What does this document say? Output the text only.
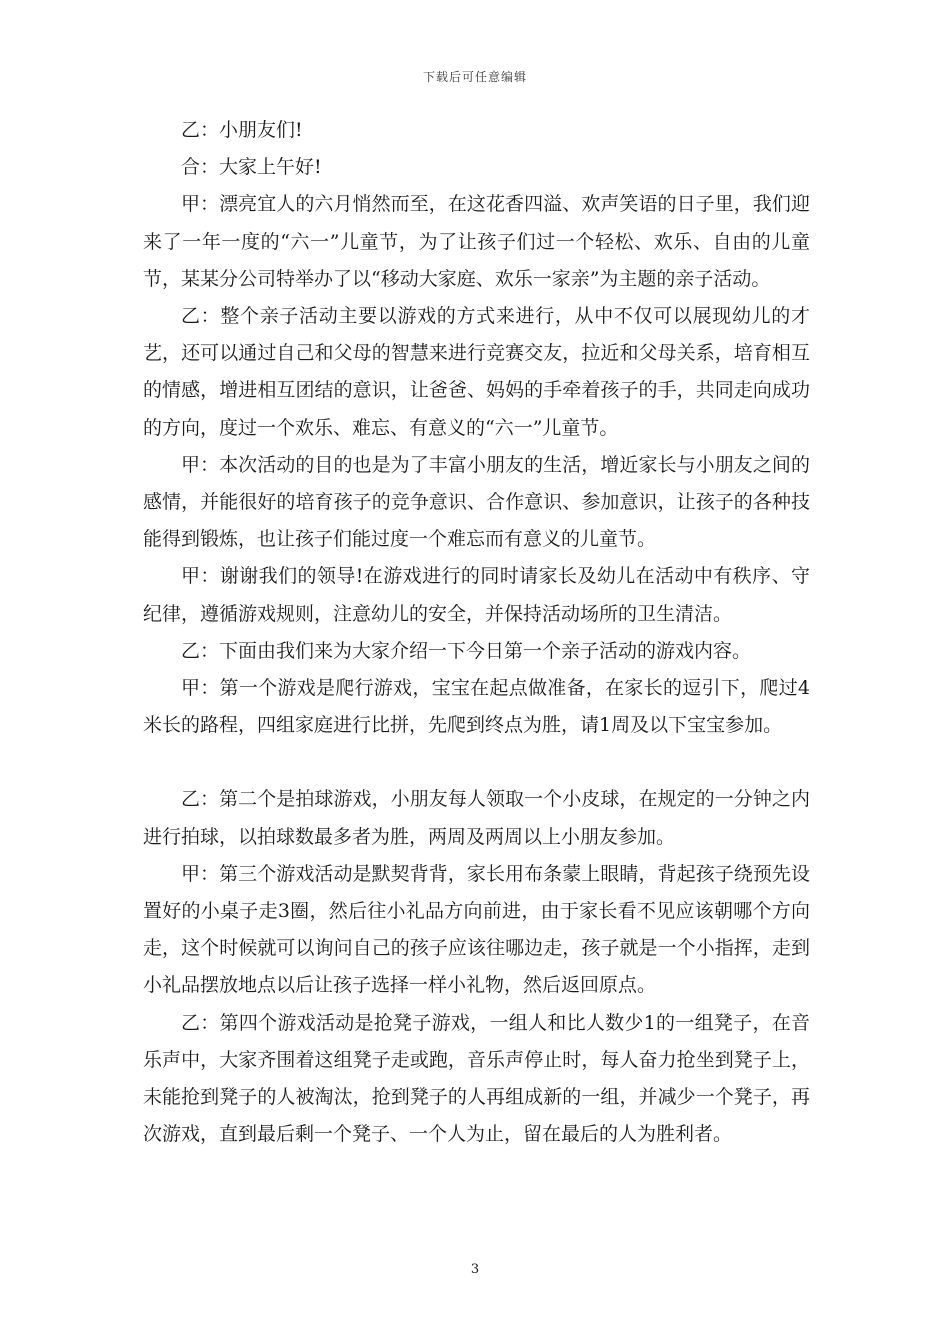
下载后可任意编辑

乙：小朋友们!

合：大家上午好!

甲：漂亮宜人的六月悄然而至，在这花香四溢、欢声笑语的日子里，我们迎来了一年一度的“六一”儿童节，为了让孩子们过一个轻松、欢乐、自由的儿童节，某某分公司特举办了以“移动大家庭、欢乐一家亲”为主题的亲子活动。

乙：整个亲子活动主要以游戏的方式来进行，从中不仅可以展现幼儿的才艺，还可以通过自己和父母的智慧来进行竞赛交友，拉近和父母关系，培育相互的情感，增进相互团结的意识，让爸爸、妈妈的手牵着孩子的手，共同走向成功的方向，度过一个欢乐、难忘、有意义的“六一”儿童节。

甲：本次活动的目的也是为了丰富小朋友的生活，增近家长与小朋友之间的感情，并能很好的培育孩子的竞争意识、合作意识、参加意识，让孩子的各种技能得到锻炼，也让孩子们能过度一个难忘而有意义的儿童节。

甲：谢谢我们的领导!在游戏进行的同时请家长及幼儿在活动中有秩序、守纪律，遵循游戏规则，注意幼儿的安全，并保持活动场所的卫生清洁。

乙：下面由我们来为大家介绍一下今日第一个亲子活动的游戏内容。

甲：第一个游戏是爬行游戏，宝宝在起点做准备，在家长的逗引下，爬过4米长的路程，四组家庭进行比拼，先爬到终点为胜，请1周及以下宝宝参加。

乙：第二个是拍球游戏，小朋友每人领取一个小皮球，在规定的一分钟之内进行拍球，以拍球数最多者为胜，两周及两周以上小朋友参加。

甲：第三个游戏活动是默契背背，家长用布条蒙上眼睛，背起孩子绕预先设置好的小桌子走3圈，然后往小礼品方向前进，由于家长看不见应该朝哪个方向走，这个时候就可以询问自己的孩子应该往哪边走，孩子就是一个小指挥，走到小礼品摆放地点以后让孩子选择一样小礼物，然后返回原点。

乙：第四个游戏活动是抢凳子游戏，一组人和比人数少1的一组凳子，在音乐声中，大家齐围着这组凳子走或跑，音乐声停止时，每人奋力抢坐到凳子上，未能抢到凳子的人被淘汰，抢到凳子的人再组成新的一组，并减少一个凳子，再次游戏，直到最后剩一个凳子、一个人为止，留在最后的人为胜利者。

3
